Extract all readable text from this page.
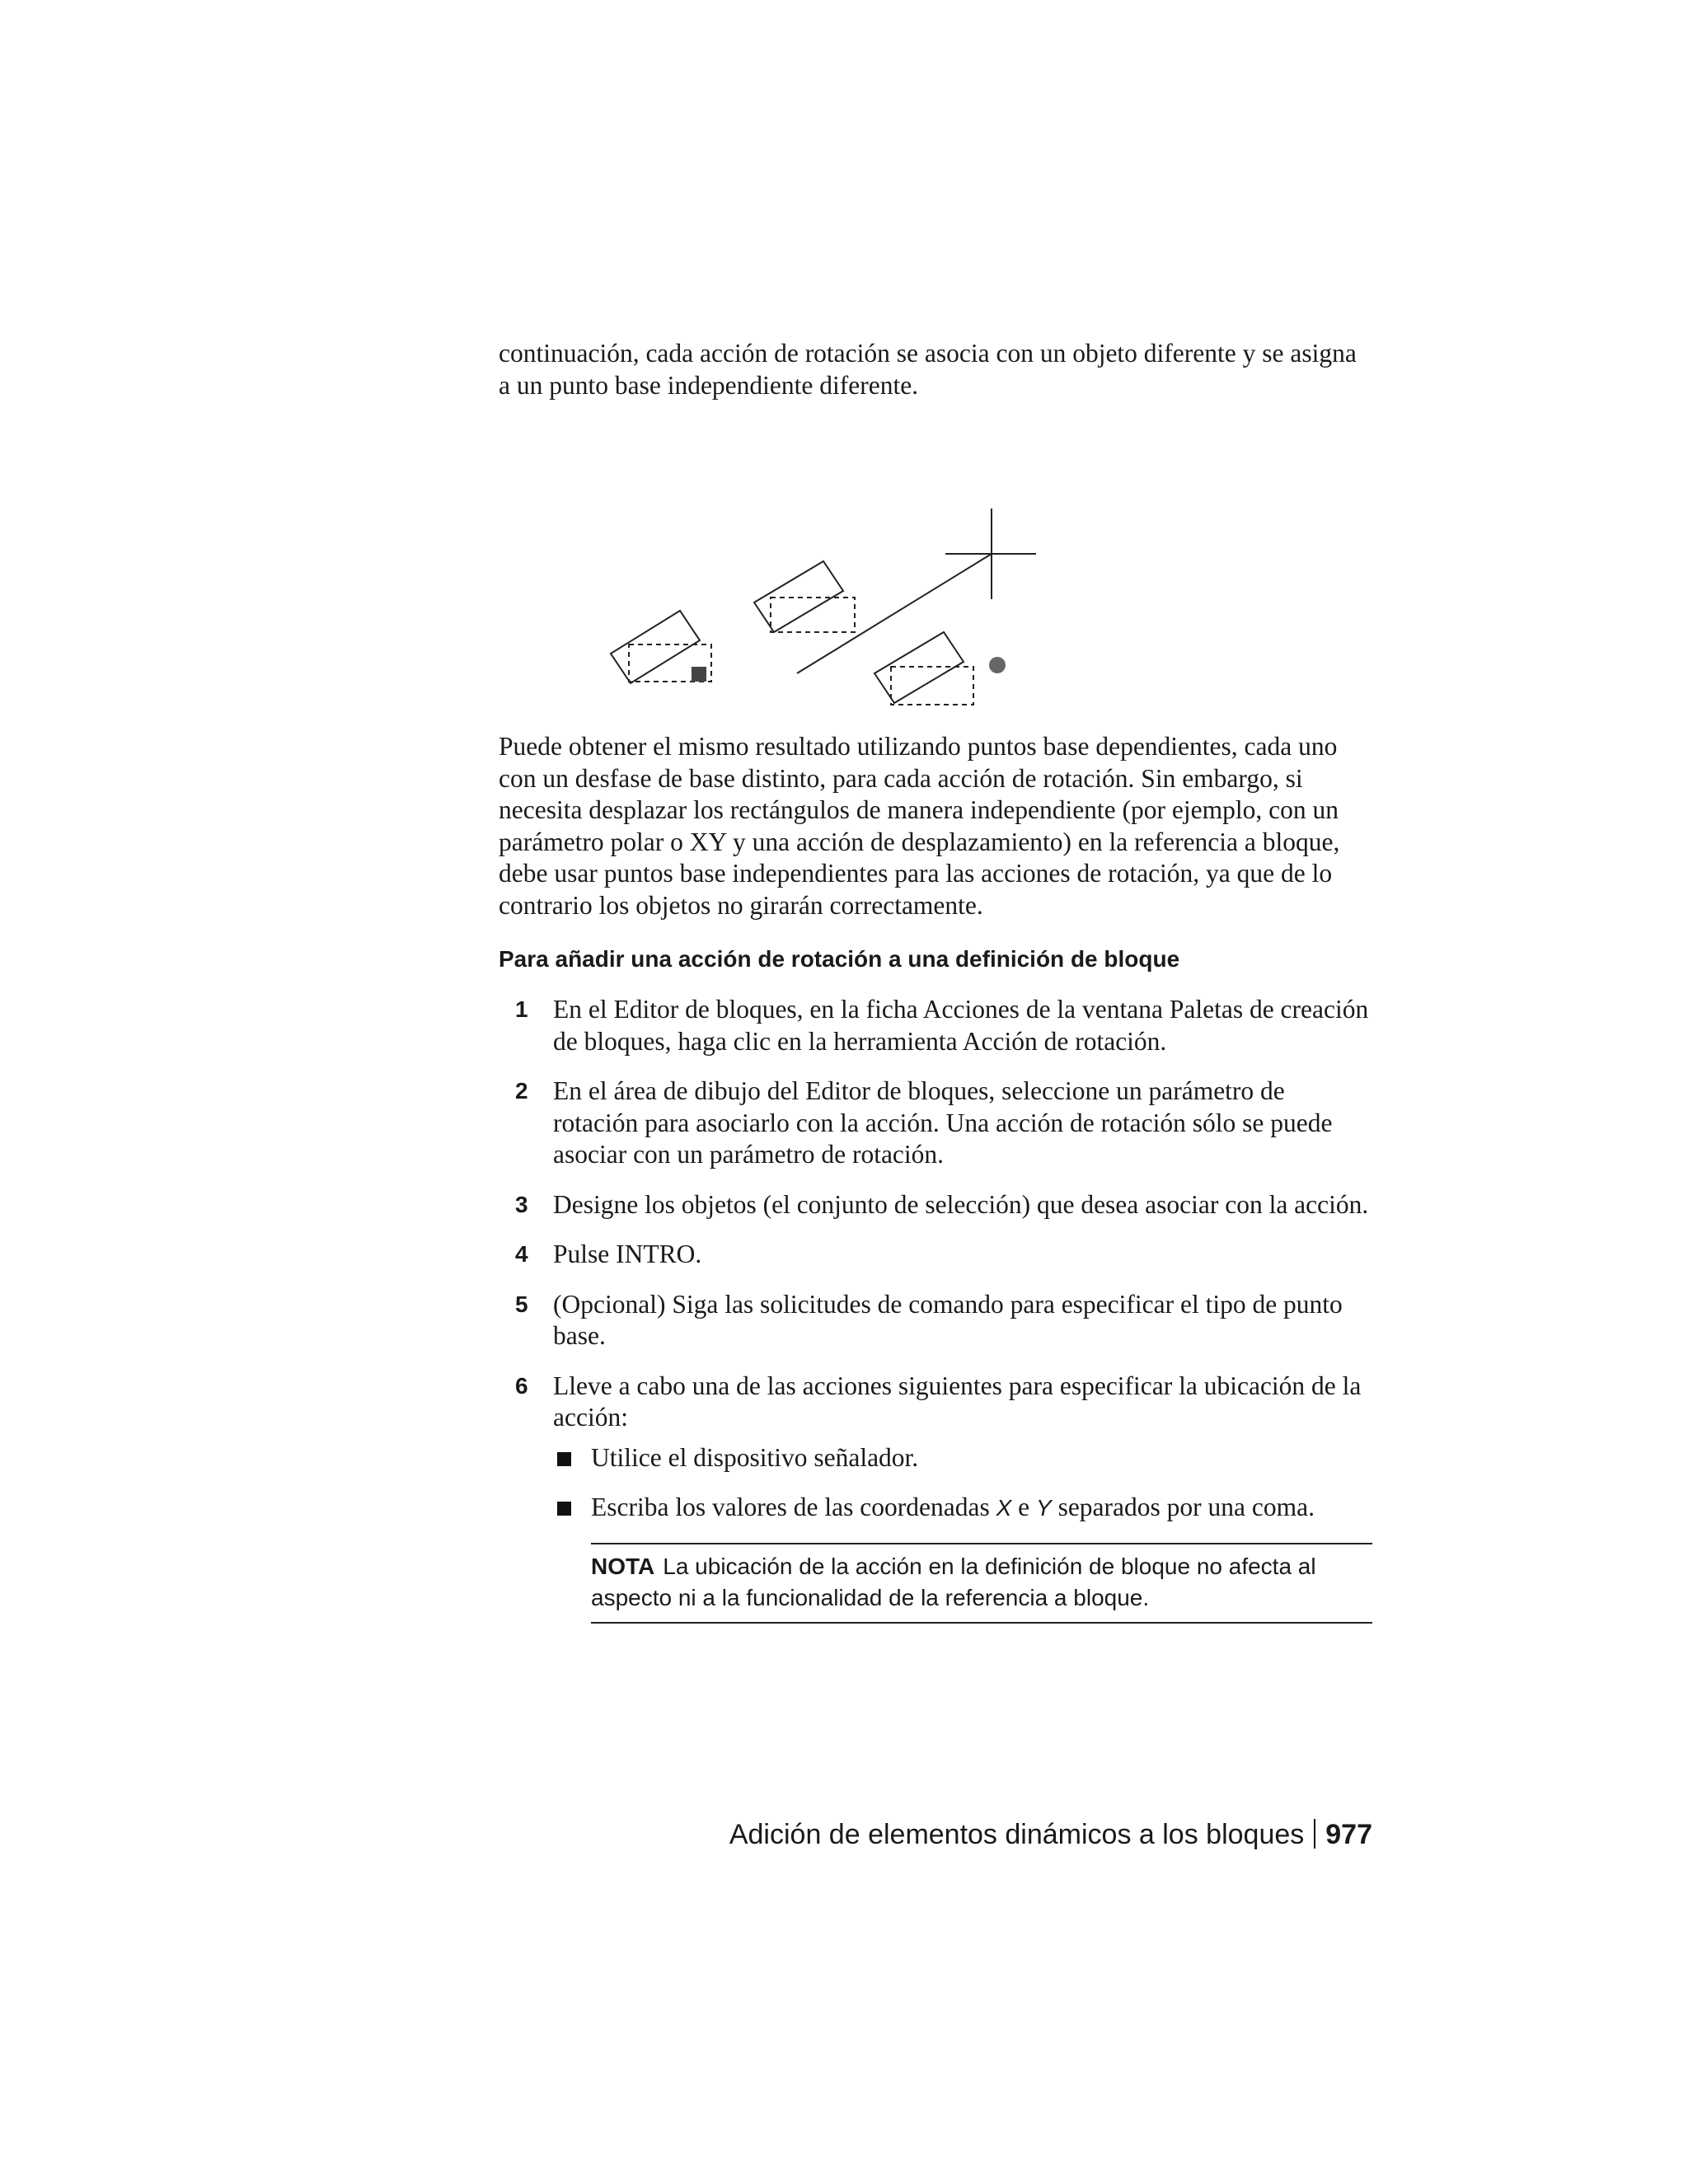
continuación, cada acción de rotación se asocia con un objeto diferente y se asigna a un punto base independiente diferente.

Puede obtener el mismo resultado utilizando puntos base dependientes, cada uno con un desfase de base distinto, para cada acción de rotación. Sin embargo, si necesita desplazar los rectángulos de manera independiente (por ejemplo, con un parámetro polar o XY y una acción de desplazamiento) en la referencia a bloque, debe usar puntos base independientes para las acciones de rotación, ya que de lo contrario los objetos no girarán correctamente.

Para añadir una acción de rotación a una definición de bloque
1 En el Editor de bloques, en la ficha Acciones de la ventana Paletas de creación de bloques, haga clic en la herramienta Acción de rotación.
2 En el área de dibujo del Editor de bloques, seleccione un parámetro de rotación para asociarlo con la acción. Una acción de rotación sólo se puede asociar con un parámetro de rotación.
3 Designe los objetos (el conjunto de selección) que desea asociar con la acción.
4 Pulse INTRO.
5 (Opcional) Siga las solicitudes de comando para especificar el tipo de punto base.
6 Lleve a cabo una de las acciones siguientes para especificar la ubicación de la acción:
Utilice el dispositivo señalador.
Escriba los valores de las coordenadas X e Y separados por una coma.
NOTA La ubicación de la acción en la definición de bloque no afecta al aspecto ni a la funcionalidad de la referencia a bloque.
Adición de elementos dinámicos a los bloques 977
